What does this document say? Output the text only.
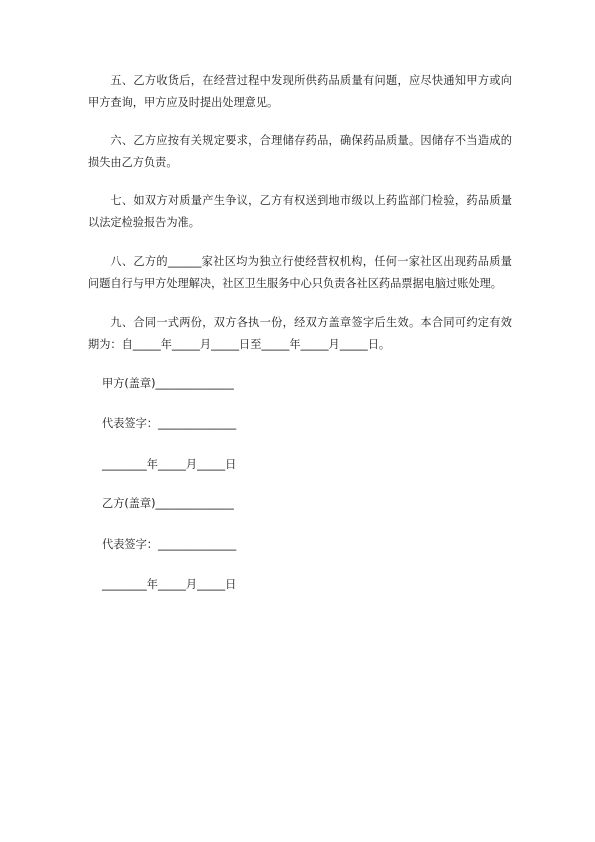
五、乙方收货后，在经营过程中发现所供药品质量有问题，应尽快通知甲方或向甲方查询，甲方应及时提出处理意见。

六、乙方应按有关规定要求，合理储存药品，确保药品质量。因储存不当造成的损失由乙方负责。

七、如双方对质量产生争议，乙方有权送到地市级以上药监部门检验，药品质量以法定检验报告为准。

八、乙方的______家社区均为独立行使经营权机构，任何一家社区出现药品质量问题自行与甲方处理解决，社区卫生服务中心只负责各社区药品票据电脑过账处理。

九、合同一式两份，双方各执一份，经双方盖章签字后生效。本合同可约定有效期为：自_____年_____月_____日至_____年_____月_____日。

甲方(盖章)______________
代表签字：______________
________年_____月_____日
乙方(盖章)______________
代表签字：______________
________年_____月_____日
